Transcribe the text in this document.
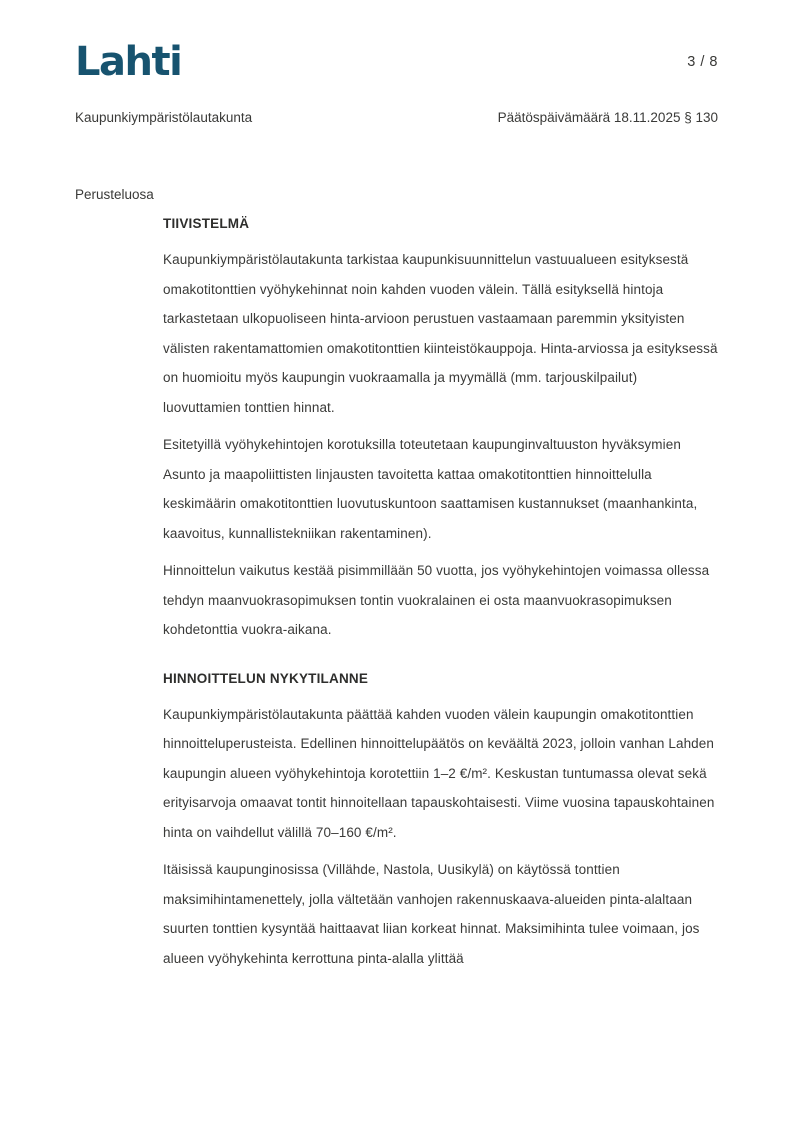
Lahti	3 / 8
Kaupunkiympäristölautakunta	Päätöspäivämäärä 18.11.2025 § 130
Perusteluosa
TIIVISTELMÄ

Kaupunkiympäristölautakunta tarkistaa kaupunkisuunnittelun vastuualueen esityksestä omakotitonttien vyöhykehinnat noin kahden vuoden välein. Tällä esityksellä hintoja tarkastetaan ulkopuoliseen hinta-arvioon perustuen vastaamaan paremmin yksityisten välisten rakentamattomien omakotitonttien kiinteistökauppoja. Hinta-arviossa ja esityksessä on huomioitu myös kaupungin vuokraamalla ja myymällä (mm. tarjouskilpailut) luovuttamien tonttien hinnat.

Esitetyillä vyöhykehintojen korotuksilla toteutetaan kaupunginvaltuuston hyväksymien Asunto ja maapoliittisten linjausten tavoitetta kattaa omakotitonttien hinnoittelulla keskimäärin omakotitonttien luovutuskuntoon saattamisen kustannukset (maanhankinta, kaavoitus, kunnallistekniikan rakentaminen).

Hinnoittelun vaikutus kestää pisimmillään 50 vuotta, jos vyöhykehintojen voimassa ollessa tehdyn maanvuokrasopimuksen tontin vuokralainen ei osta maanvuokrasopimuksen kohdetonttia vuokra-aikana.

HINNOITTELUN NYKYTILANNE

Kaupunkiympäristölautakunta päättää kahden vuoden välein kaupungin omakotitonttien hinnoitteluperusteista. Edellinen hinnoittelupäätös on keväältä 2023, jolloin vanhan Lahden kaupungin alueen vyöhykehintoja korotettiin 1–2 €/m². Keskustan tuntumassa olevat sekä erityisarvoja omaavat tontit hinnoitellaan tapauskohtaisesti. Viime vuosina tapauskohtainen hinta on vaihdellut välillä 70–160 €/m².

Itäisissä kaupunginosissa (Villähde, Nastola, Uusikylä) on käytössä tonttien maksimihintamenettely, jolla vältetään vanhojen rakennuskaava-alueiden pinta-alaltaan suurten tonttien kysyntää haittaavat liian korkeat hinnat. Maksimihinta tulee voimaan, jos alueen vyöhykehinta kerrottuna pinta-alalla ylittää
